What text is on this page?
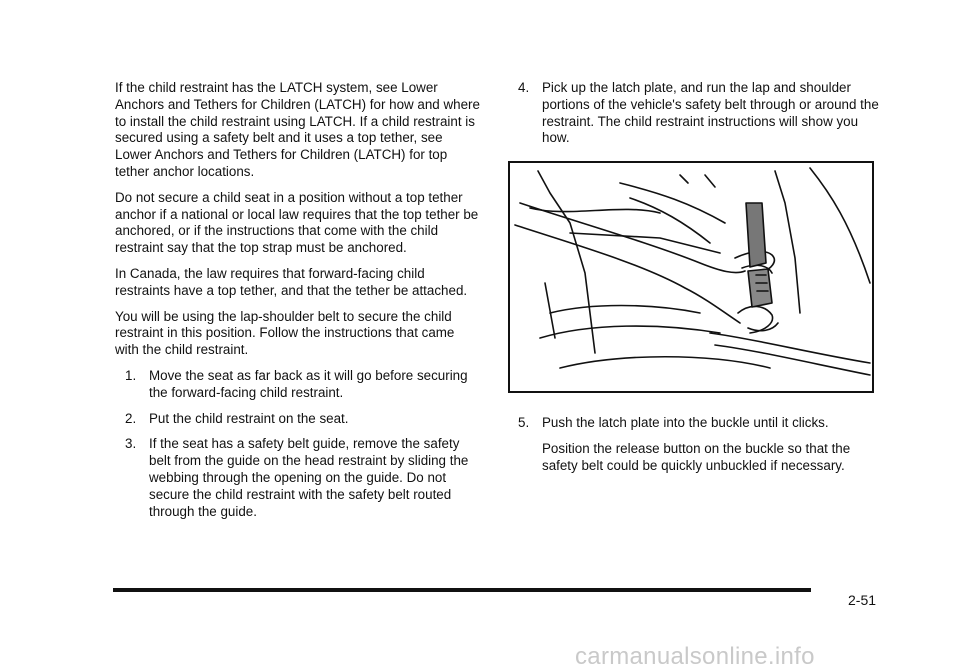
If the child restraint has the LATCH system, see Lower Anchors and Tethers for Children (LATCH) for how and where to install the child restraint using LATCH. If a child restraint is secured using a safety belt and it uses a top tether, see Lower Anchors and Tethers for Children (LATCH) for top tether anchor locations.

Do not secure a child seat in a position without a top tether anchor if a national or local law requires that the top tether be anchored, or if the instructions that come with the child restraint say that the top strap must be anchored.

In Canada, the law requires that forward-facing child restraints have a top tether, and that the tether be attached.

You will be using the lap-shoulder belt to secure the child restraint in this position. Follow the instructions that came with the child restraint.

1. Move the seat as far back as it will go before securing the forward-facing child restraint.
2. Put the child restraint on the seat.
3. If the seat has a safety belt guide, remove the safety belt from the guide on the head restraint by sliding the webbing through the opening on the guide. Do not secure the child restraint with the safety belt routed through the guide.
4. Pick up the latch plate, and run the lap and shoulder portions of the vehicle's safety belt through or around the restraint. The child restraint instructions will show you how.
5. Push the latch plate into the buckle until it clicks.

Position the release button on the buckle so that the safety belt could be quickly unbuckled if necessary.

2-51
carmanualsonline.info
